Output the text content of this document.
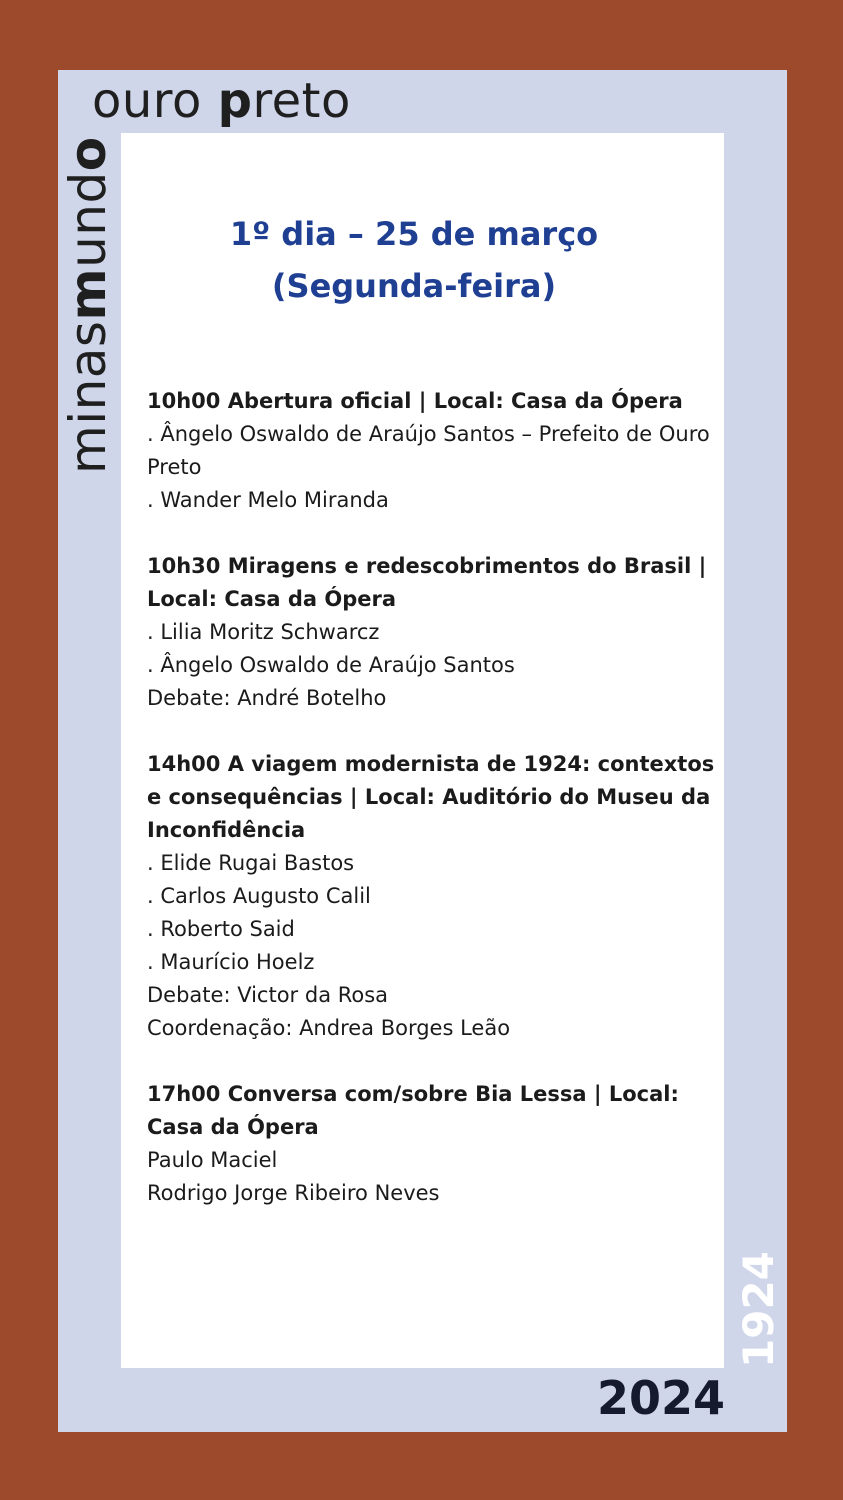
ouro preto
minasmundo
1924
2024
1º dia – 25 de março
(Segunda-feira)
10h00 Abertura oficial | Local: Casa da Ópera
. Ângelo Oswaldo de Araújo Santos – Prefeito de Ouro Preto
. Wander Melo Miranda
10h30 Miragens e redescobrimentos do Brasil | Local: Casa da Ópera
. Lilia Moritz Schwarcz
. Ângelo Oswaldo de Araújo Santos
Debate: André Botelho
14h00 A viagem modernista de 1924: contextos e consequências | Local: Auditório do Museu da Inconfidência
. Elide Rugai Bastos
. Carlos Augusto Calil
. Roberto Said
. Maurício Hoelz
Debate: Victor da Rosa
Coordenação: Andrea Borges Leão
17h00 Conversa com/sobre Bia Lessa | Local: Casa da Ópera
Paulo Maciel
Rodrigo Jorge Ribeiro Neves
